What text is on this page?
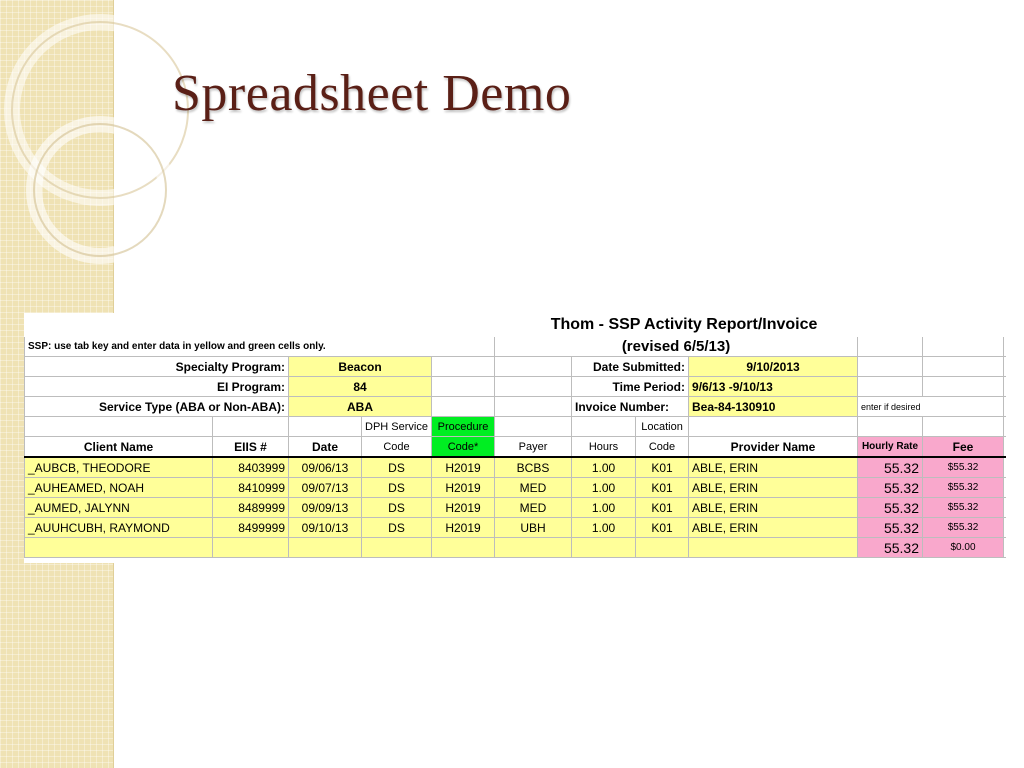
Spreadsheet Demo
			Thom - SSP Activity Report/Invoice								
SSP: use tab key and enter data in yellow and green cells only.					(revised 6/5/13)						
Specialty Program:		Beacon				Date Submitted:		9/10/2013			
EI Program:		84				Time Period:		9/6/13 -9/10/13			
Service Type (ABA or Non-ABA):		ABA				Invoice Number:		Bea-84-130910	enter if desired		
			DPH Service	Procedure			Location				
Client Name	EIIS #	Date	Code	Code*	Payer	Hours	Code	Provider Name	Hourly Rate	Fee	
_AUBCB, THEODORE	8403999	09/06/13	DS	H2019	BCBS	1.00	K01	ABLE, ERIN	55.32	$55.32	
_AUHEAMED, NOAH	8410999	09/07/13	DS	H2019	MED	1.00	K01	ABLE, ERIN	55.32	$55.32	
_AUMED, JALYNN	8489999	09/09/13	DS	H2019	MED	1.00	K01	ABLE, ERIN	55.32	$55.32	
_AUUHCUBH, RAYMOND	8499999	09/10/13	DS	H2019	UBH	1.00	K01	ABLE, ERIN	55.32	$55.32	
									55.32	$0.00	
